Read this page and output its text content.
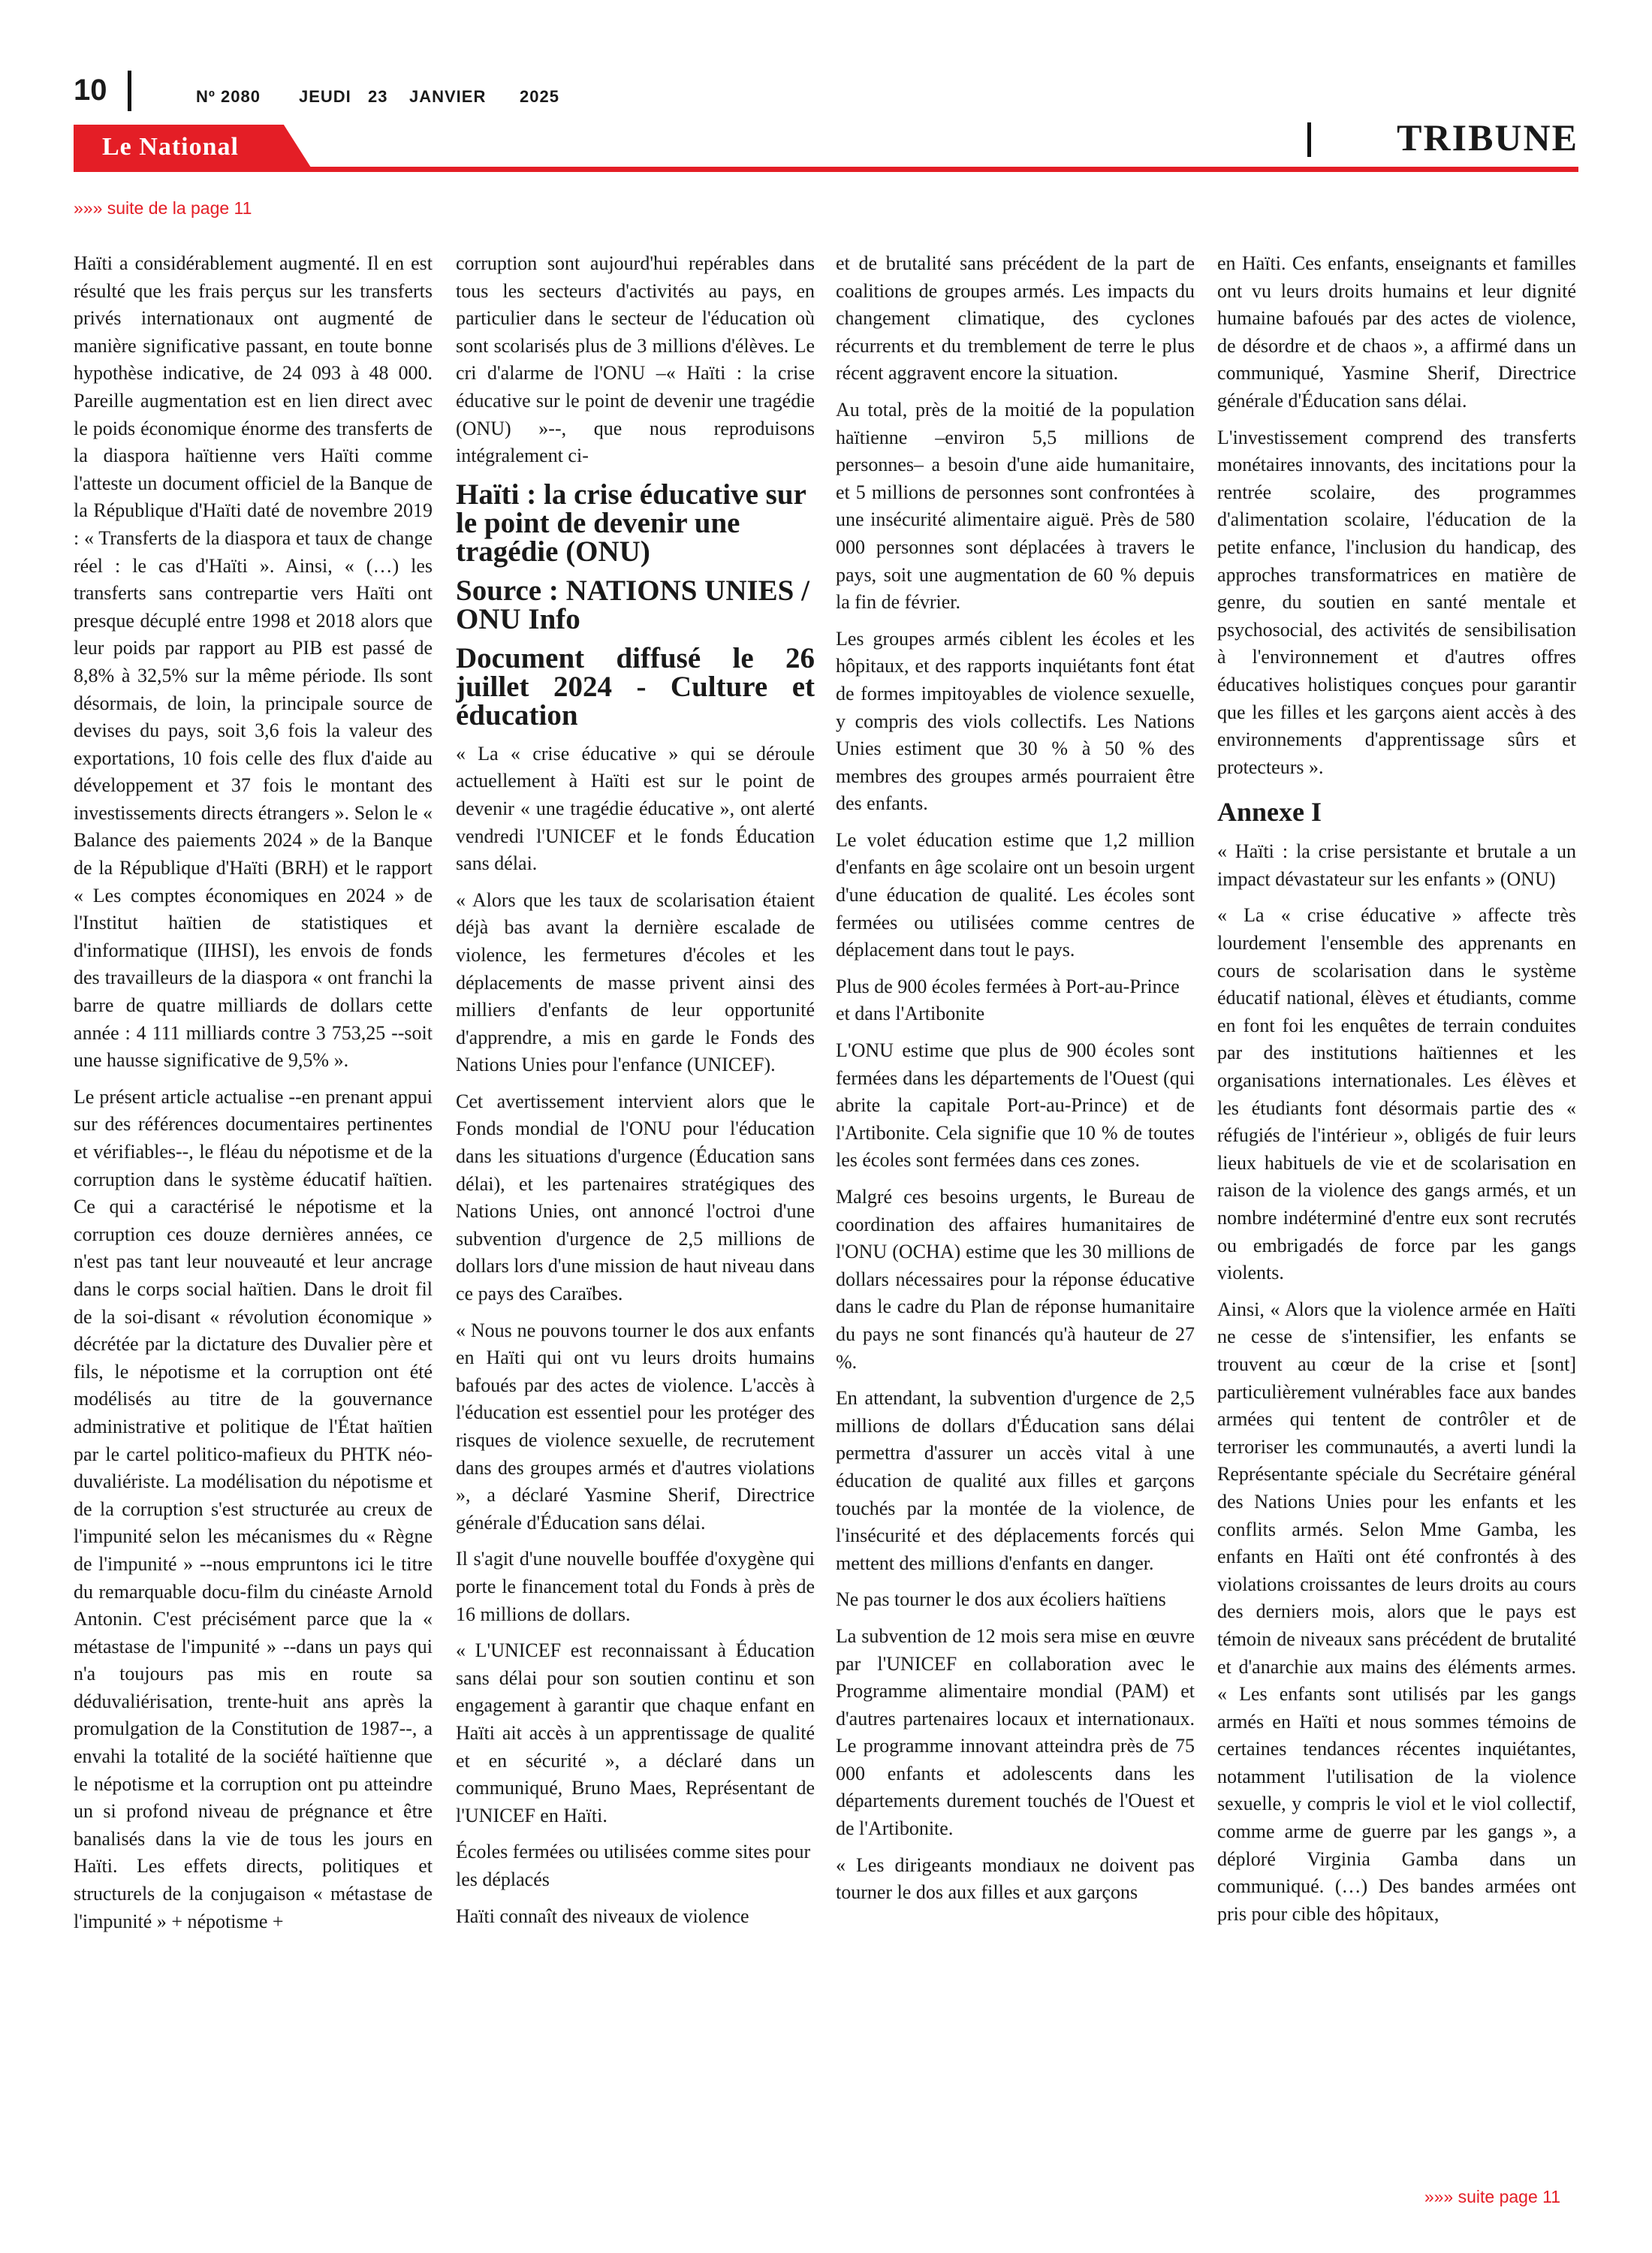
10	Nº 2080 JEUDI 23 JANVIER 2025
Le National	TRIBUNE
»»» suite de la page 11

Haïti a considérablement augmenté. Il en est résulté que les frais perçus sur les transferts privés internationaux ont augmenté de manière significative passant, en toute bonne hypothèse indicative, de 24 093 à 48 000. Pareille augmentation est en lien direct avec le poids économique énorme des transferts de la diaspora haïtienne vers Haïti comme l'atteste un document officiel de la Banque de la République d'Haïti daté de novembre 2019 : « Transferts de la diaspora et taux de change réel : le cas d'Haïti ». Ainsi, « (…) les transferts sans contrepartie vers Haïti ont presque décuplé entre 1998 et 2018 alors que leur poids par rapport au PIB est passé de 8,8% à 32,5% sur la même période. Ils sont désormais, de loin, la principale source de devises du pays, soit 3,6 fois la valeur des exportations, 10 fois celle des flux d'aide au développement et 37 fois le montant des investissements directs étrangers ». Selon le « Balance des paiements 2024 » de la Banque de la République d'Haïti (BRH) et le rapport « Les comptes économiques en 2024 » de l'Institut haïtien de statistiques et d'informatique (IIHSI), les envois de fonds des travailleurs de la diaspora « ont franchi la barre de quatre milliards de dollars cette année : 4 111 milliards contre 3 753,25 --soit une hausse significative de 9,5% ».

Le présent article actualise --en prenant appui sur des références documentaires pertinentes et vérifiables--, le fléau du népotisme et de la corruption dans le système éducatif haïtien. Ce qui a caractérisé le népotisme et la corruption ces douze dernières années, ce n'est pas tant leur nouveauté et leur ancrage dans le corps social haïtien. Dans le droit fil de la soi-disant « révolution économique » décrétée par la dictature des Duvalier père et fils, le népotisme et la corruption ont été modélisés au titre de la gouvernance administrative et politique de l'État haïtien par le cartel politico-mafieux du PHTK néo-duvaliériste. La modélisation du népotisme et de la corruption s'est structurée au creux de l'impunité selon les mécanismes du « Règne de l'impunité » --nous empruntons ici le titre du remarquable docu-film du cinéaste Arnold Antonin. C'est précisément parce que la « métastase de l'impunité » --dans un pays qui n'a toujours pas mis en route sa déduvaliérisation, trente-huit ans après la promulgation de la Constitution de 1987--, a envahi la totalité de la société haïtienne que le népotisme et la corruption ont pu atteindre un si profond niveau de prégnance et être banalisés dans la vie de tous les jours en Haïti. Les effets directs, politiques et structurels de la conjugaison « métastase de l'impunité » + népotisme +

corruption sont aujourd'hui repérables dans tous les secteurs d'activités au pays, en particulier dans le secteur de l'éducation où sont scolarisés plus de 3 millions d'élèves. Le cri d'alarme de l'ONU –« Haïti : la crise éducative sur le point de devenir une tragédie (ONU) »--, que nous reproduisons intégralement ci-

Haïti : la crise éducative sur le point de devenir une tragédie (ONU)
Source : NATIONS UNIES / ONU Info
Document diffusé le 26 juillet 2024 - Culture et éducation

« La « crise éducative » qui se déroule actuellement à Haïti est sur le point de devenir « une tragédie éducative », ont alerté vendredi l'UNICEF et le fonds Éducation sans délai.

« Alors que les taux de scolarisation étaient déjà bas avant la dernière escalade de violence, les fermetures d'écoles et les déplacements de masse privent ainsi des milliers d'enfants de leur opportunité d'apprendre, a mis en garde le Fonds des Nations Unies pour l'enfance (UNICEF).

Cet avertissement intervient alors que le Fonds mondial de l'ONU pour l'éducation dans les situations d'urgence (Éducation sans délai), et les partenaires stratégiques des Nations Unies, ont annoncé l'octroi d'une subvention d'urgence de 2,5 millions de dollars lors d'une mission de haut niveau dans ce pays des Caraïbes.

« Nous ne pouvons tourner le dos aux enfants en Haïti qui ont vu leurs droits humains bafoués par des actes de violence. L'accès à l'éducation est essentiel pour les protéger des risques de violence sexuelle, de recrutement dans des groupes armés et d'autres violations », a déclaré Yasmine Sherif, Directrice générale d'Éducation sans délai.

Il s'agit d'une nouvelle bouffée d'oxygène qui porte le financement total du Fonds à près de 16 millions de dollars.

« L'UNICEF est reconnaissant à Éducation sans délai pour son soutien continu et son engagement à garantir que chaque enfant en Haïti ait accès à un apprentissage de qualité et en sécurité », a déclaré dans un communiqué, Bruno Maes, Représentant de l'UNICEF en Haïti.

Écoles fermées ou utilisées comme sites pour les déplacés

Haïti connaît des niveaux de violence

et de brutalité sans précédent de la part de coalitions de groupes armés. Les impacts du changement climatique, des cyclones récurrents et du tremblement de terre le plus récent aggravent encore la situation.

Au total, près de la moitié de la population haïtienne –environ 5,5 millions de personnes– a besoin d'une aide humanitaire, et 5 millions de personnes sont confrontées à une insécurité alimentaire aiguë. Près de 580 000 personnes sont déplacées à travers le pays, soit une augmentation de 60 % depuis la fin de février.

Les groupes armés ciblent les écoles et les hôpitaux, et des rapports inquiétants font état de formes impitoyables de violence sexuelle, y compris des viols collectifs. Les Nations Unies estiment que 30 % à 50 % des membres des groupes armés pourraient être des enfants.

Le volet éducation estime que 1,2 million d'enfants en âge scolaire ont un besoin urgent d'une éducation de qualité. Les écoles sont fermées ou utilisées comme centres de déplacement dans tout le pays.

Plus de 900 écoles fermées à Port-au-Prince et dans l'Artibonite

L'ONU estime que plus de 900 écoles sont fermées dans les départements de l'Ouest (qui abrite la capitale Port-au-Prince) et de l'Artibonite. Cela signifie que 10 % de toutes les écoles sont fermées dans ces zones.

Malgré ces besoins urgents, le Bureau de coordination des affaires humanitaires de l'ONU (OCHA) estime que les 30 millions de dollars nécessaires pour la réponse éducative dans le cadre du Plan de réponse humanitaire du pays ne sont financés qu'à hauteur de 27 %.

En attendant, la subvention d'urgence de 2,5 millions de dollars d'Éducation sans délai permettra d'assurer un accès vital à une éducation de qualité aux filles et garçons touchés par la montée de la violence, de l'insécurité et des déplacements forcés qui mettent des millions d'enfants en danger.

Ne pas tourner le dos aux écoliers haïtiens

La subvention de 12 mois sera mise en œuvre par l'UNICEF en collaboration avec le Programme alimentaire mondial (PAM) et d'autres partenaires locaux et internationaux. Le programme innovant atteindra près de 75 000 enfants et adolescents dans les départements durement touchés de l'Ouest et de l'Artibonite.

« Les dirigeants mondiaux ne doivent pas tourner le dos aux filles et aux garçons

en Haïti. Ces enfants, enseignants et familles ont vu leurs droits humains et leur dignité humaine bafoués par des actes de violence, de désordre et de chaos », a affirmé dans un communiqué, Yasmine Sherif, Directrice générale d'Éducation sans délai.

L'investissement comprend des transferts monétaires innovants, des incitations pour la rentrée scolaire, des programmes d'alimentation scolaire, l'éducation de la petite enfance, l'inclusion du handicap, des approches transformatrices en matière de genre, du soutien en santé mentale et psychosocial, des activités de sensibilisation à l'environnement et d'autres offres éducatives holistiques conçues pour garantir que les filles et les garçons aient accès à des environnements d'apprentissage sûrs et protecteurs ».

Annexe I

« Haïti : la crise persistante et brutale a un impact dévastateur sur les enfants » (ONU)

« La « crise éducative » affecte très lourdement l'ensemble des apprenants en cours de scolarisation dans le système éducatif national, élèves et étudiants, comme en font foi les enquêtes de terrain conduites par des institutions haïtiennes et les organisations internationales. Les élèves et les étudiants font désormais partie des « réfugiés de l'intérieur », obligés de fuir leurs lieux habituels de vie et de scolarisation en raison de la violence des gangs armés, et un nombre indéterminé d'entre eux sont recrutés ou embrigadés de force par les gangs violents.

Ainsi, « Alors que la violence armée en Haïti ne cesse de s'intensifier, les enfants se trouvent au cœur de la crise et [sont] particulièrement vulnérables face aux bandes armées qui tentent de contrôler et de terroriser les communautés, a averti lundi la Représentante spéciale du Secrétaire général des Nations Unies pour les enfants et les conflits armés. Selon Mme Gamba, les enfants en Haïti ont été confrontés à des violations croissantes de leurs droits au cours des derniers mois, alors que le pays est témoin de niveaux sans précédent de brutalité et d'anarchie aux mains des éléments armes. « Les enfants sont utilisés par les gangs armés en Haïti et nous sommes témoins de certaines tendances récentes inquiétantes, notamment l'utilisation de la violence sexuelle, y compris le viol et le viol collectif, comme arme de guerre par les gangs », a déploré Virginia Gamba dans un communiqué. (…) Des bandes armées ont pris pour cible des hôpitaux,

»»» suite page 11
